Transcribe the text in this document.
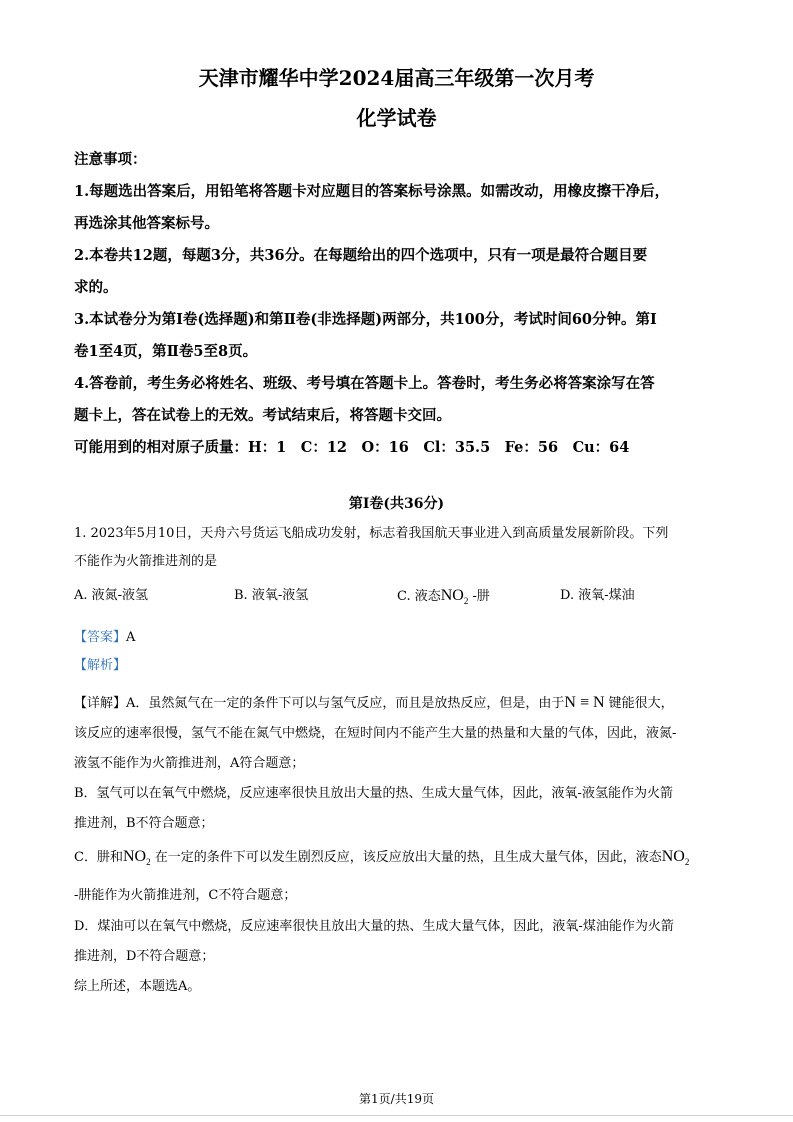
天津市耀华中学2024届高三年级第一次月考
化学试卷

注意事项：

1.每题选出答案后，用铅笔将答题卡对应题目的答案标号涂黑。如需改动，用橡皮擦干净后，

再选涂其他答案标号。

2.本卷共12题，每题3分，共36分。在每题给出的四个选项中，只有一项是最符合题目要

求的。

3.本试卷分为第Ⅰ卷(选择题)和第Ⅱ卷(非选择题)两部分，共100分，考试时间60分钟。第Ⅰ

卷1至4页，第Ⅱ卷5至8页。

4.答卷前，考生务必将姓名、班级、考号填在答题卡上。答卷时，考生务必将答案涂写在答

题卡上，答在试卷上的无效。考试结束后，将答题卡交回。

可能用到的相对原子质量：H：1　C：12　O：16　Cl：35.5　Fe：56　Cu：64

第Ⅰ卷(共36分)

1. 2023年5月10日，天舟六号货运飞船成功发射，标志着我国航天事业进入到高质量发展新阶段。下列

不能作为火箭推进剂的是

A. 液氮-液氢	B. 液氧-液氢	C. 液态$NO_2$ -肼	D. 液氧-煤油
【答案】A
【解析】

【详解】A．虽然氮气在一定的条件下可以与氢气反应，而且是放热反应，但是，由于N ≡ N 键能很大，

该反应的速率很慢，氢气不能在氮气中燃烧，在短时间内不能产生大量的热量和大量的气体，因此，液氮-

液氢不能作为火箭推进剂，A符合题意；

B．氢气可以在氧气中燃烧，反应速率很快且放出大量的热、生成大量气体，因此，液氧-液氢能作为火箭

推进剂，B不符合题意；

C．肼和$NO_2$ 在一定的条件下可以发生剧烈反应，该反应放出大量的热，且生成大量气体，因此，液态$NO_2$

-肼能作为火箭推进剂，C不符合题意；

D．煤油可以在氧气中燃烧，反应速率很快且放出大量的热、生成大量气体，因此，液氧-煤油能作为火箭

推进剂，D不符合题意；

综上所述，本题选A。

第1页/共19页
